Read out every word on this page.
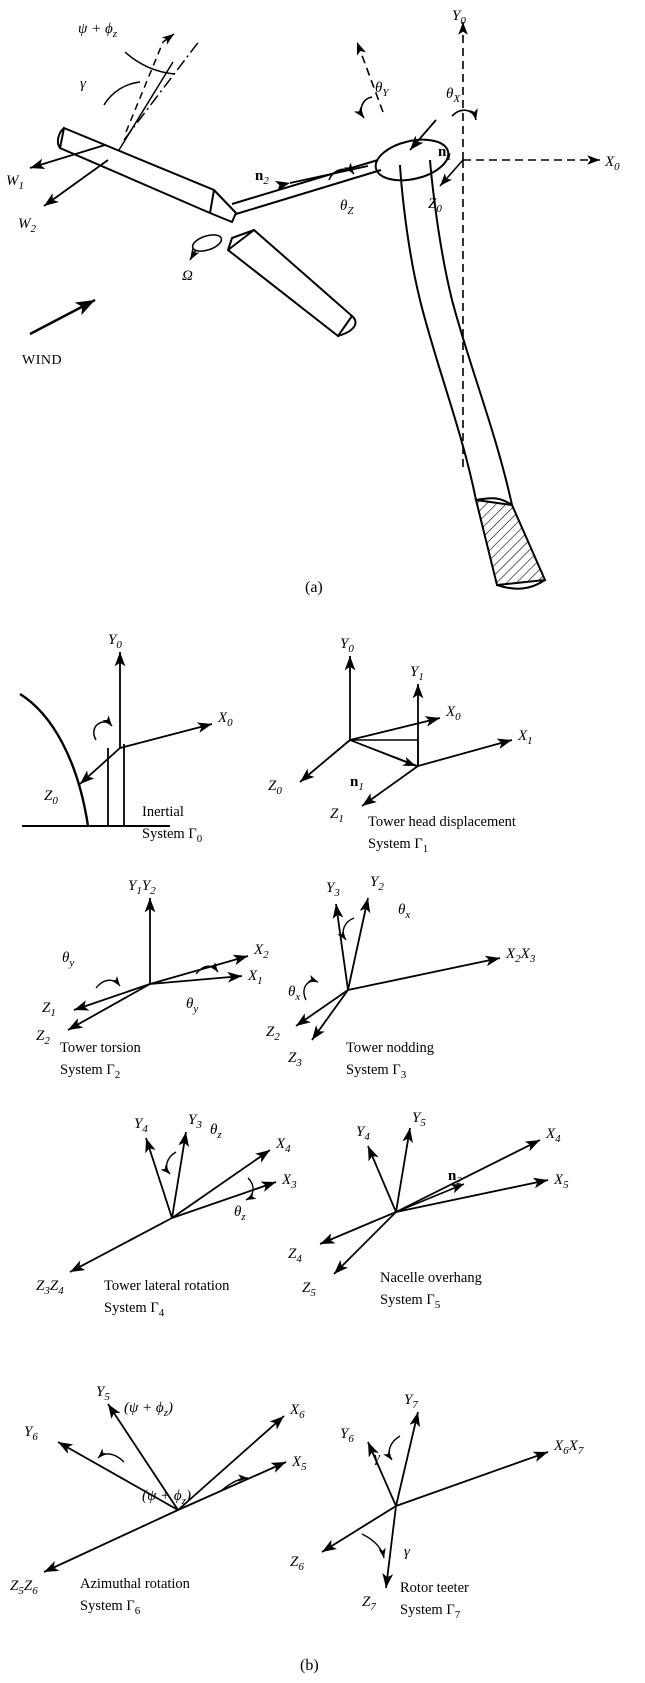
$\psi + \phi_z$
γ
$W_1$
$W_2$
Ω
WIND
$n_2$
$\theta_Z$
$n_1$
$\theta_X$
$\theta_Y$
$Y_0$
$X_0$
$Z_0$
(a)
$Y_0$
$X_0$
$Z_0$
Inertial
System $\Gamma_0$
$Y_0$
$Y_1$
$X_0$
$X_1$
$Z_0$
$Z_1$
$n_1$
Tower head displacement
System $\Gamma_1$
$Y_1Y_2$
$X_2$
$X_1$
$Z_1$
$Z_2$
$\theta_y$
$\theta_y$
Tower torsion
System $\Gamma_2$
$Y_3$
$Y_2$
$X_2X_3$
$Z_2$
$Z_3$
$\theta_x$
$\theta_x$
Tower nodding
System $\Gamma_3$
$Y_4$
$Y_3$
$X_4$
$X_3$
$Z_3Z_4$
$\theta_z$
$\theta_z$
Tower lateral rotation
System $\Gamma_4$
$Y_4$
$Y_5$
$X_4$
$X_5$
$Z_4$
$Z_5$
$n_2$
Nacelle overhang
System $\Gamma_5$
$Y_5$
$Y_6$
$X_6$
$X_5$
$Z_5Z_6$
$(\psi + \phi_z)$
$(\psi + \phi_z)$
Azimuthal rotation
System $\Gamma_6$
$Y_7$
$Y_6$	$X_6X_7$
$Z_6$
$Z_7$
γ
γ
Rotor teeter
System $\Gamma_7$
(b)
